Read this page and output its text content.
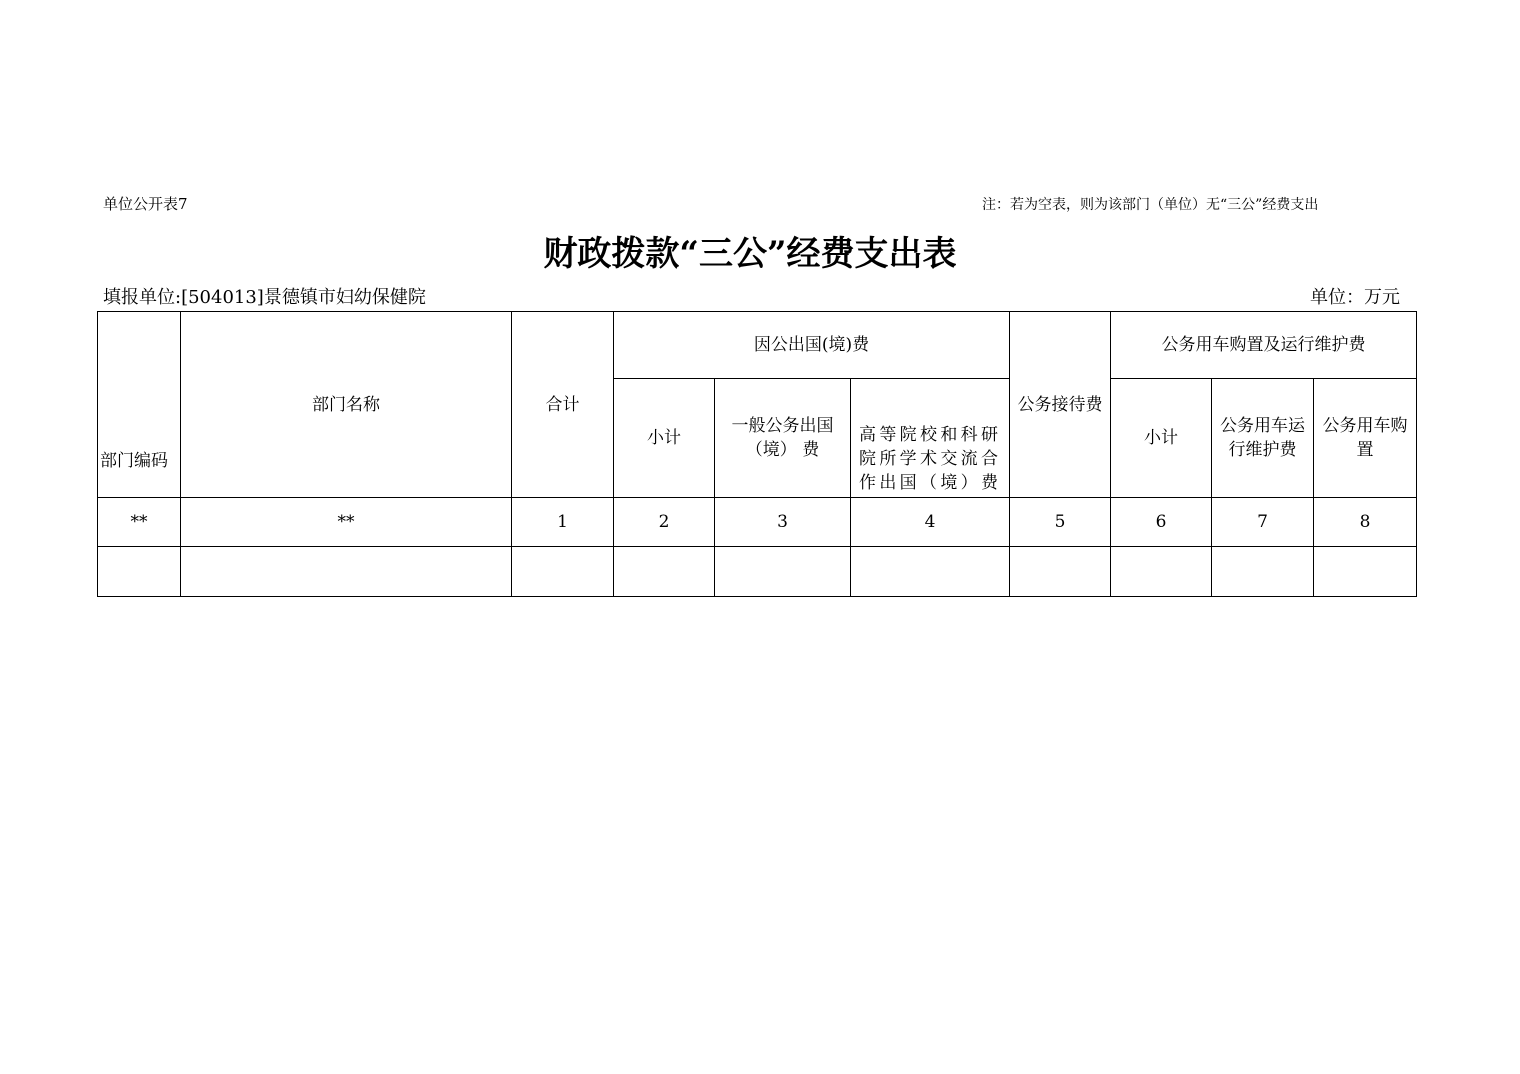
单位公开表7	注：若为空表，则为该部门（单位）无“三公”经费支出
财政拨款“三公”经费支出表
填报单位:[504013]景德镇市妇幼保健院	单位：万元
部门编码	部门名称	合计	因公出国(境)费			公务接待费	公务用车购置及运行维护费		
			小计	一般公务出国 （境） 费	高等院校和科研 院所学术交流合 作出国（境）费		小计	公务用车运行维护费	公务用车购置
**	**	1	2	3	4	5	6	7	8
